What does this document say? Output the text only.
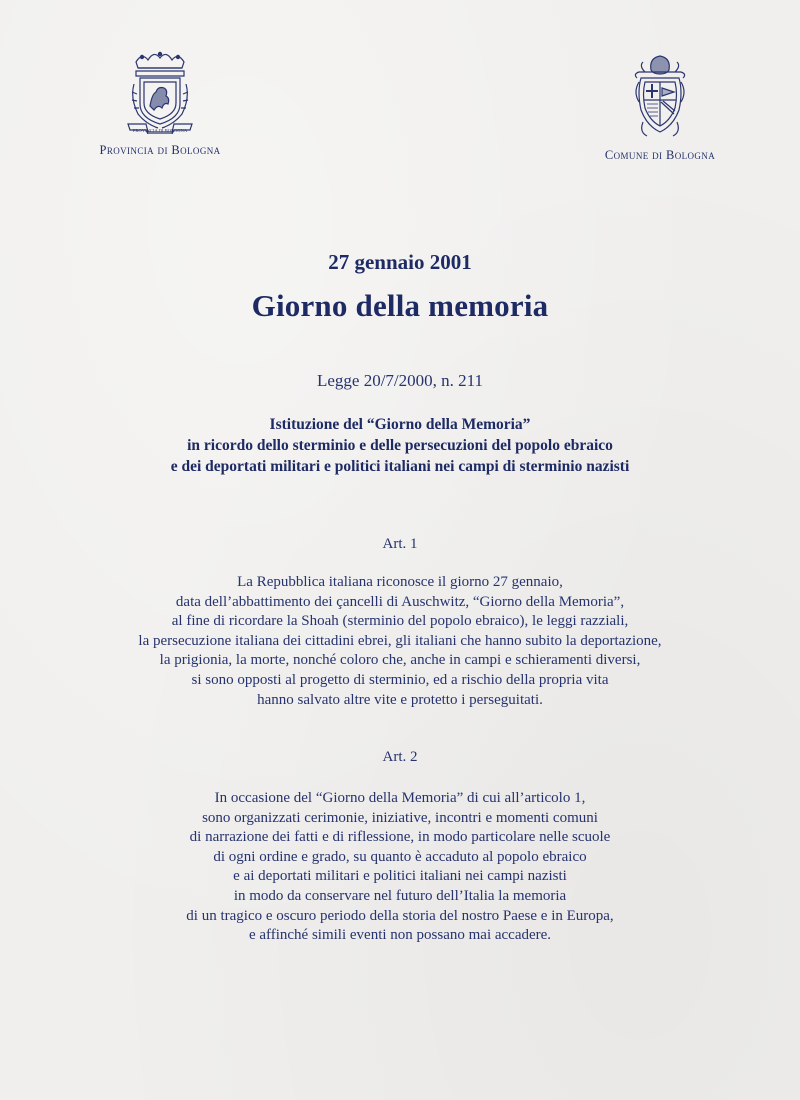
PROVINCIA DI BOLOGNA
Provincia di Bologna	Comune di Bologna
27 gennaio 2001
Giorno della memoria
Legge 20/7/2000, n. 211
Istituzione del “Giorno della Memoria”
in ricordo dello sterminio e delle persecuzioni del popolo ebraico
e dei deportati militari e politici italiani nei campi di sterminio nazisti
Art. 1
La Repubblica italiana riconosce il giorno 27 gennaio,
data dell’abbattimento dei çancelli di Auschwitz, “Giorno della Memoria”,
al fine di ricordare la Shoah (sterminio del popolo ebraico), le leggi razziali,
la persecuzione italiana dei cittadini ebrei, gli italiani che hanno subito la deportazione,
la prigionia, la morte, nonché coloro che, anche in campi e schieramenti diversi,
si sono opposti al progetto di sterminio, ed a rischio della propria vita
hanno salvato altre vite e protetto i perseguitati.
Art. 2
In occasione del “Giorno della Memoria” di cui all’articolo 1,
sono organizzati cerimonie, iniziative, incontri e momenti comuni
di narrazione dei fatti e di riflessione, in modo particolare nelle scuole
di ogni ordine e grado, su quanto è accaduto al popolo ebraico
e ai deportati militari e politici italiani nei campi nazisti
in modo da conservare nel futuro dell’Italia la memoria
di un tragico e oscuro periodo della storia del nostro Paese e in Europa,
e affinché simili eventi non possano mai accadere.
